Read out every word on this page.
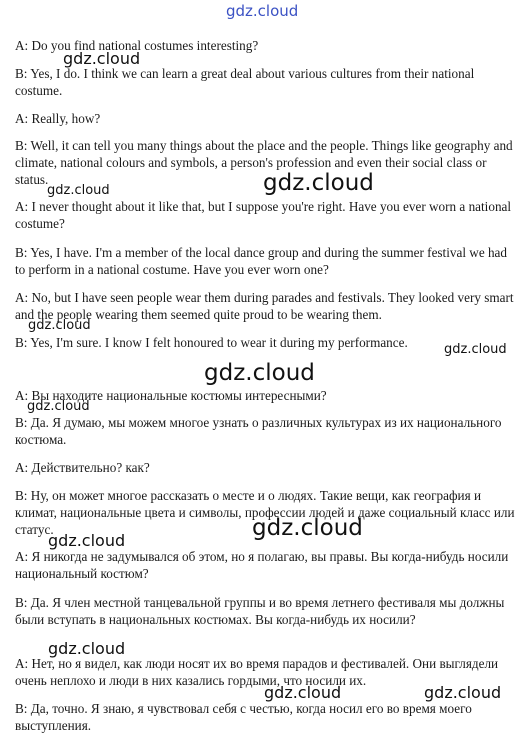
gdz.cloud

A: Do you find national costumes interesting?

B: Yes, I do. I think we can learn a great deal about various cultures from their national costume.

A: Really, how?

B: Well, it can tell you many things about the place and the people. Things like geography and climate, national colours and symbols, a person's profession and even their social class or status.

A: I never thought about it like that, but I suppose you're right. Have you ever worn a national costume?

B: Yes, I have. I'm a member of the local dance group and during the summer festival we had to perform in a national costume. Have you ever worn one?

A: No, but I have seen people wear them during parades and festivals. They looked very smart and the people wearing them seemed quite proud to be wearing them.

B: Yes, I'm sure. I know I felt honoured to wear it during my performance.

A: Вы находите национальные костюмы интересными?

B: Да. Я думаю, мы можем многое узнать о различных культурах из их национального костюма.

A: Действительно? как?

B: Ну, он может многое рассказать о месте и о людях. Такие вещи, как география и климат, национальные цвета и символы, профессии людей и даже социальный класс или статус.

A: Я никогда не задумывался об этом, но я полагаю, вы правы. Вы когда-нибудь носили национальный костюм?

B: Да. Я член местной танцевальной группы и во время летнего фестиваля мы должны были вступать в национальных костюмах. Вы когда-нибудь их носили?

A: Нет, но я видел, как люди носят их во время парадов и фестивалей. Они выглядели очень неплохо и люди в них казались гордыми, что носили их.

B: Да, точно. Я знаю, я чувствовал себя с честью, когда носил его во время моего выступления.

gdz.cloud
gdz.cloud	gdz.cloud
gdz.cloud
gdz.cloud
gdz.cloud
gdz.cloud
gdz.cloud
gdz.cloud
gdz.cloud
gdz.cloud	gdz.cloud
